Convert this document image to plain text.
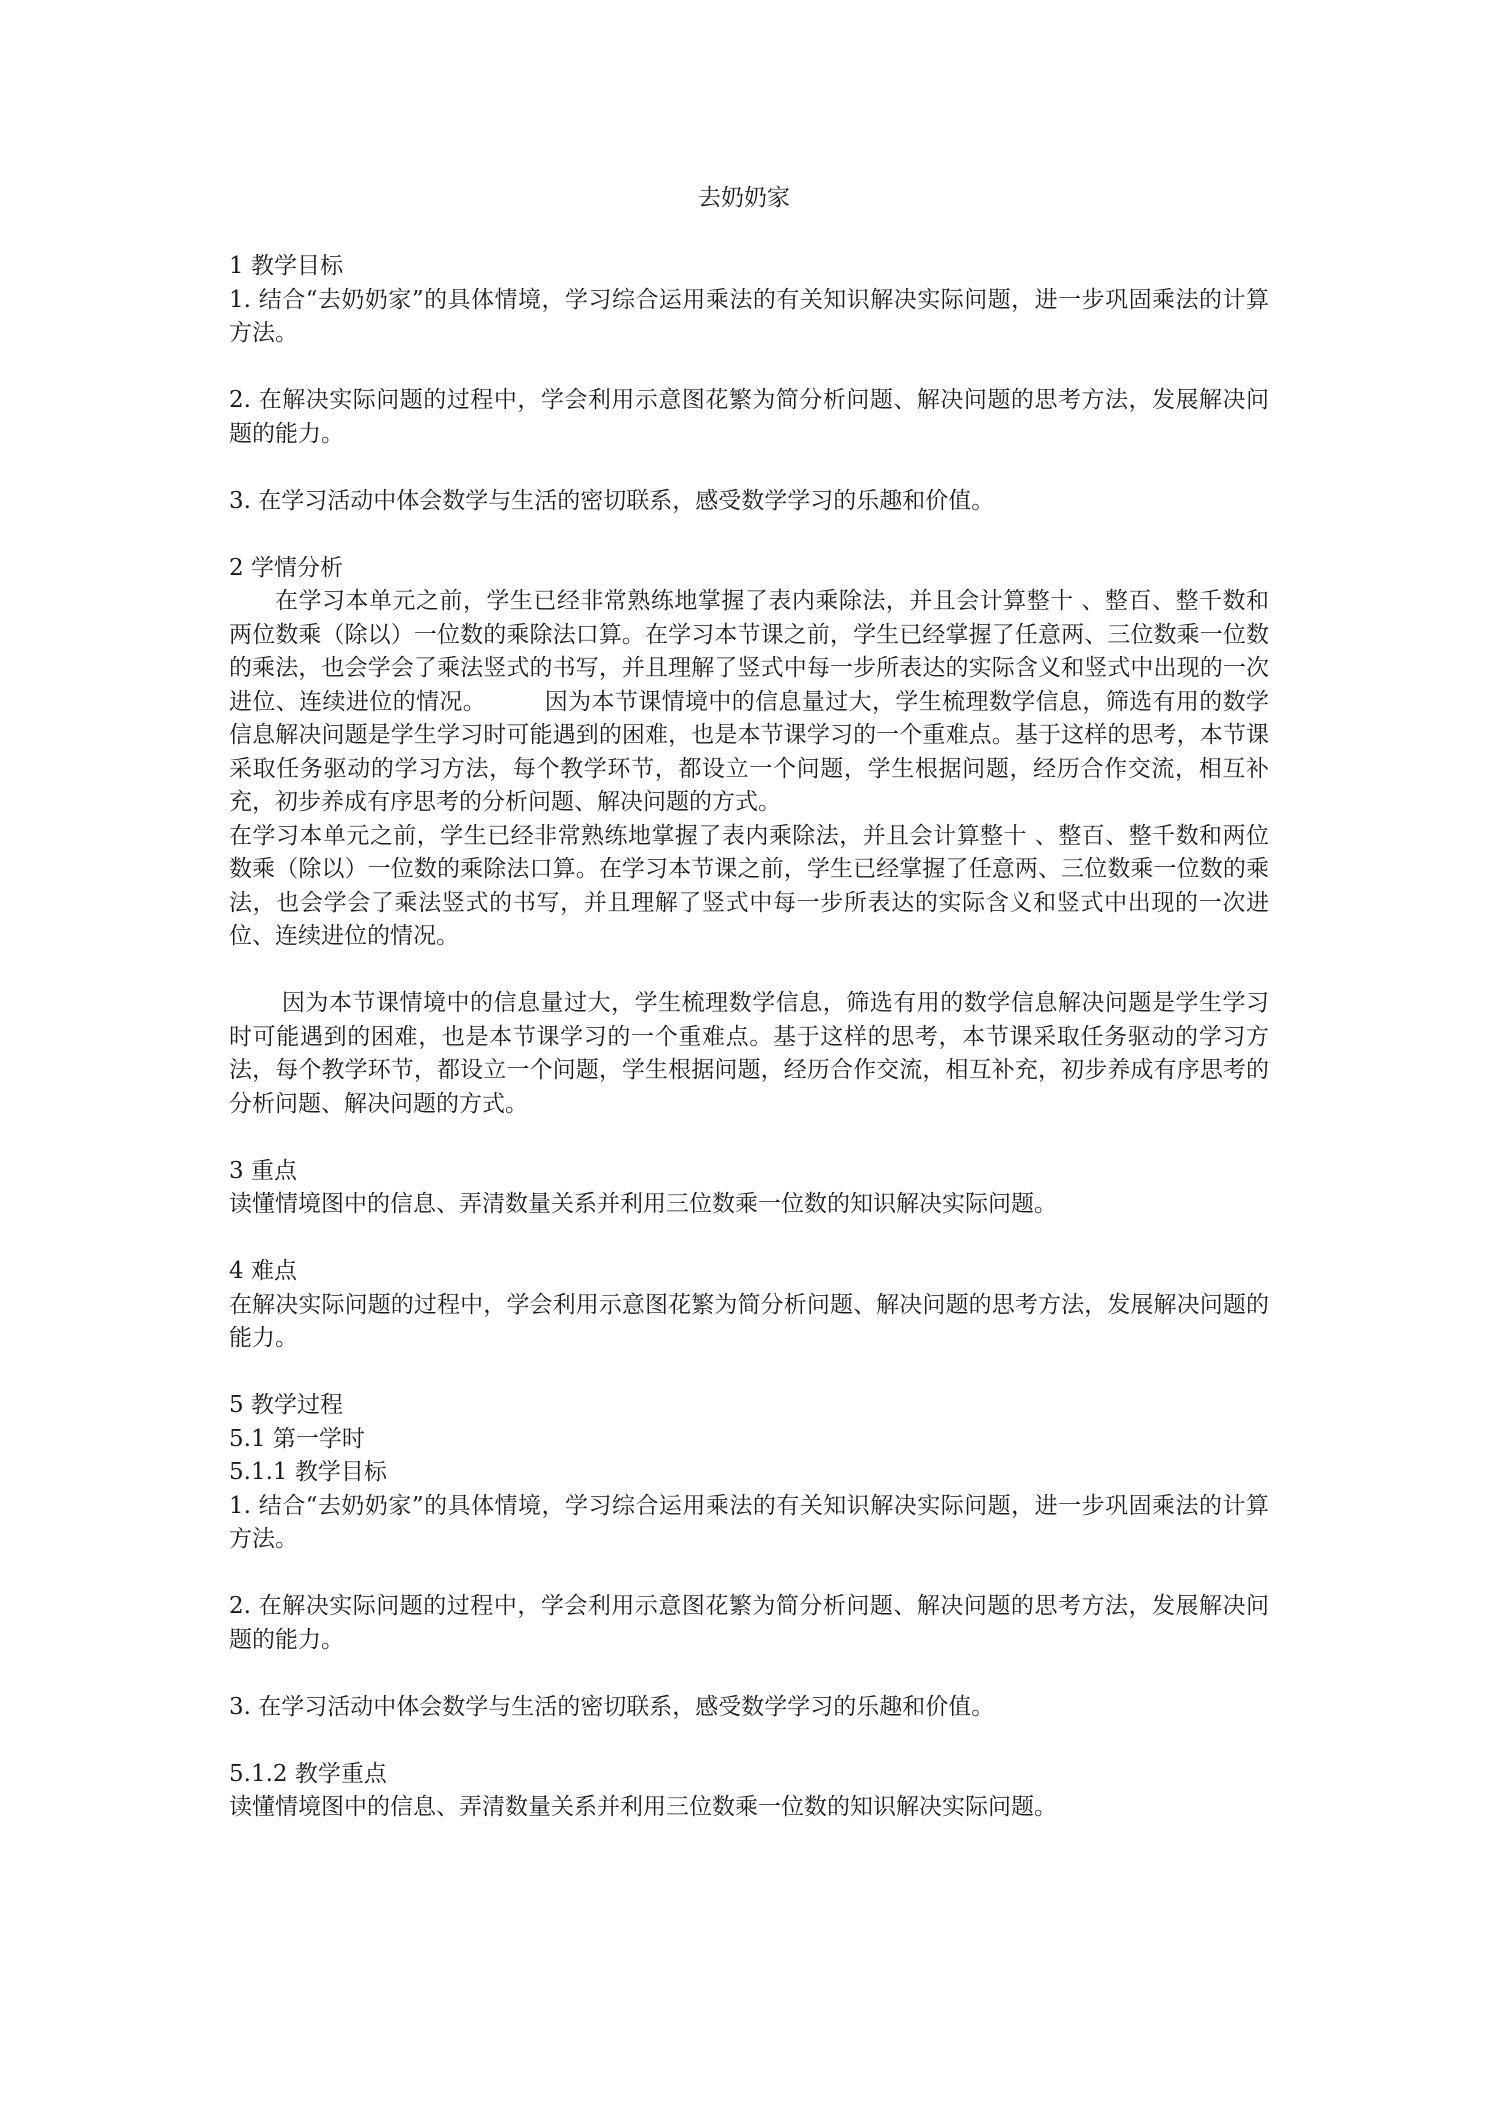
去奶奶家

1 教学目标

1. 结合“去奶奶家”的具体情境，学习综合运用乘法的有关知识解决实际问题，进一步巩固乘法的计算方法。

2. 在解决实际问题的过程中，学会利用示意图花繁为简分析问题、解决问题的思考方法，发展解决问题的能力。

3. 在学习活动中体会数学与生活的密切联系，感受数学学习的乐趣和价值。

2 学情分析

在学习本单元之前，学生已经非常熟练地掌握了表内乘除法，并且会计算整十 、整百、整千数和两位数乘（除以）一位数的乘除法口算。在学习本节课之前，学生已经掌握了任意两、三位数乘一位数的乘法，也会学会了乘法竖式的书写，并且理解了竖式中每一步所表达的实际含义和竖式中出现的一次进位、连续进位的情况。　　　因为本节课情境中的信息量过大，学生梳理数学信息，筛选有用的数学信息解决问题是学生学习时可能遇到的困难，也是本节课学习的一个重难点。基于这样的思考，本节课采取任务驱动的学习方法，每个教学环节，都设立一个问题，学生根据问题，经历合作交流，相互补充，初步养成有序思考的分析问题、解决问题的方式。

在学习本单元之前，学生已经非常熟练地掌握了表内乘除法，并且会计算整十 、整百、整千数和两位数乘（除以）一位数的乘除法口算。在学习本节课之前，学生已经掌握了任意两、三位数乘一位数的乘法，也会学会了乘法竖式的书写，并且理解了竖式中每一步所表达的实际含义和竖式中出现的一次进位、连续进位的情况。

因为本节课情境中的信息量过大，学生梳理数学信息，筛选有用的数学信息解决问题是学生学习时可能遇到的困难，也是本节课学习的一个重难点。基于这样的思考，本节课采取任务驱动的学习方法，每个教学环节，都设立一个问题，学生根据问题，经历合作交流，相互补充，初步养成有序思考的分析问题、解决问题的方式。

3 重点

读懂情境图中的信息、弄清数量关系并利用三位数乘一位数的知识解决实际问题。

4 难点

在解决实际问题的过程中，学会利用示意图花繁为简分析问题、解决问题的思考方法，发展解决问题的能力。

5 教学过程

5.1 第一学时

5.1.1 教学目标

1. 结合“去奶奶家”的具体情境，学习综合运用乘法的有关知识解决实际问题，进一步巩固乘法的计算方法。

2. 在解决实际问题的过程中，学会利用示意图花繁为简分析问题、解决问题的思考方法，发展解决问题的能力。

3. 在学习活动中体会数学与生活的密切联系，感受数学学习的乐趣和价值。

5.1.2 教学重点

读懂情境图中的信息、弄清数量关系并利用三位数乘一位数的知识解决实际问题。
